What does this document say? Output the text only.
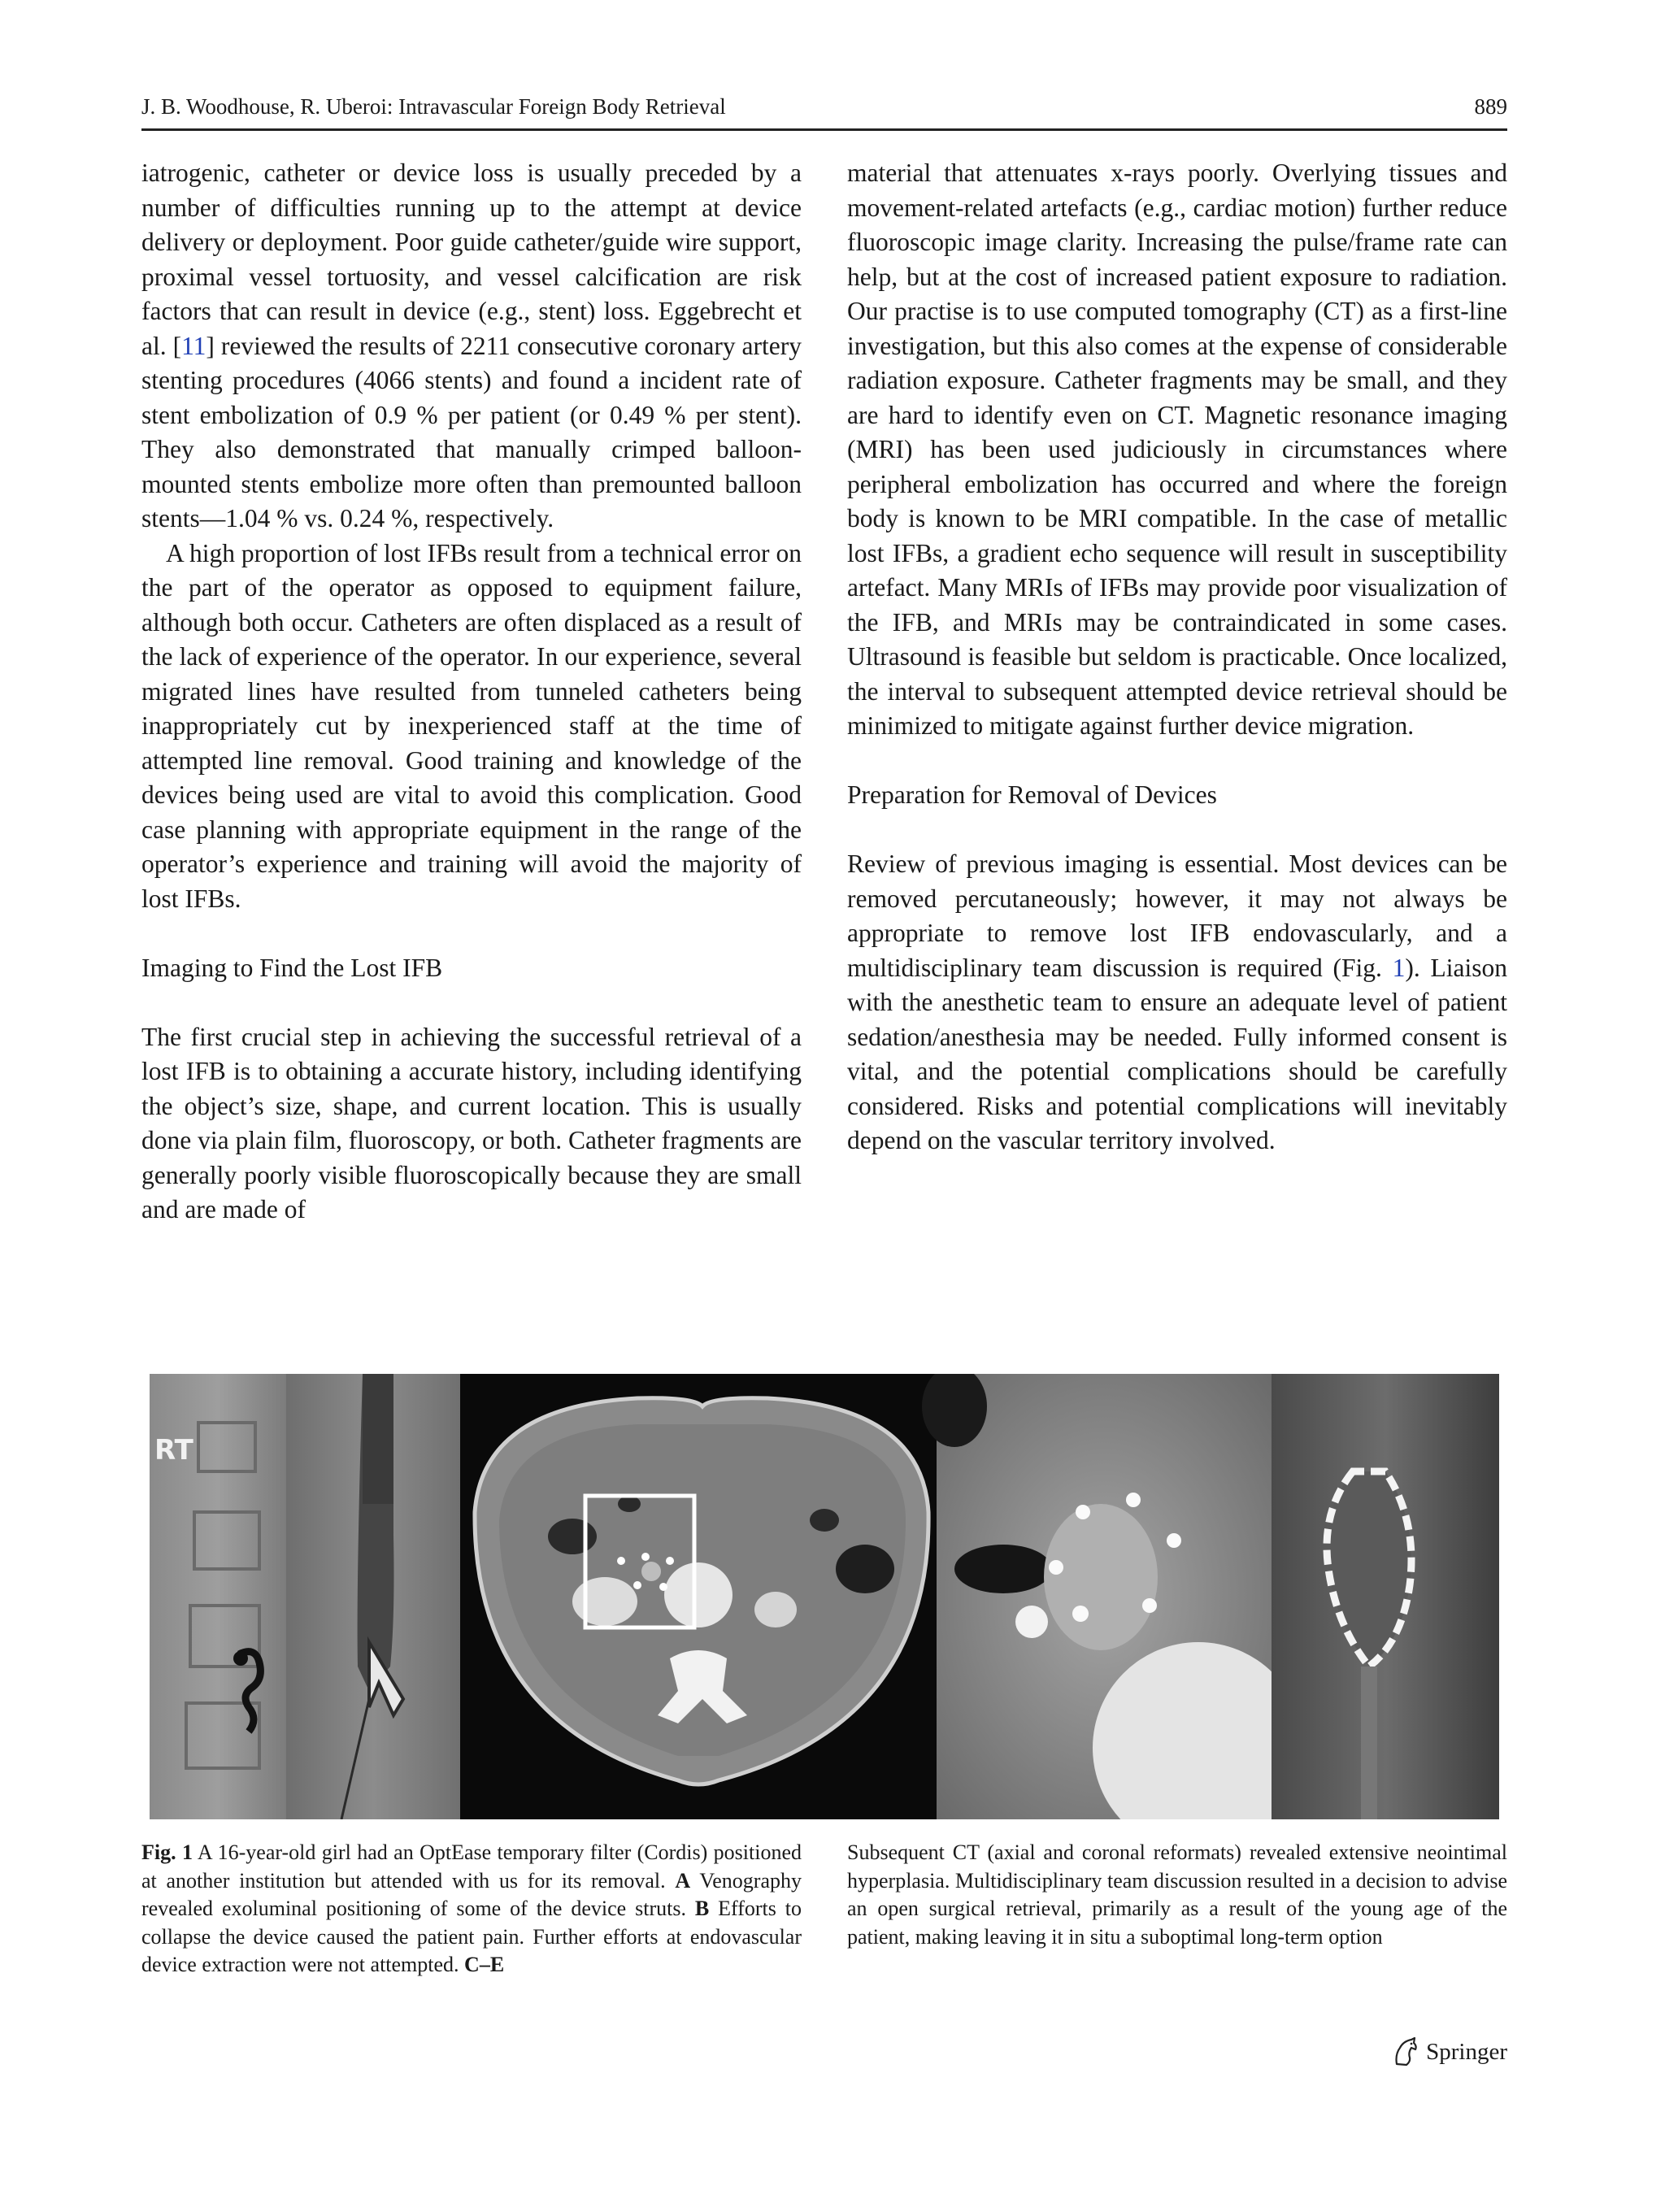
J. B. Woodhouse, R. Uberoi: Intravascular Foreign Body Retrieval	889

iatrogenic, catheter or device loss is usually preceded by a number of difficulties running up to the attempt at device delivery or deployment. Poor guide catheter/guide wire support, proximal vessel tortuosity, and vessel calcification are risk factors that can result in device (e.g., stent) loss. Eggebrecht et al. [11] reviewed the results of 2211 consecutive coronary artery stenting procedures (4066 stents) and found a incident rate of stent embolization of 0.9 % per patient (or 0.49 % per stent). They also demonstrated that manually crimped balloon-mounted stents embolize more often than premounted balloon stents—1.04 % vs. 0.24 %, respectively.

A high proportion of lost IFBs result from a technical error on the part of the operator as opposed to equipment failure, although both occur. Catheters are often displaced as a result of the lack of experience of the operator. In our experience, several migrated lines have resulted from tunneled catheters being inappropriately cut by inexperienced staff at the time of attempted line removal. Good training and knowledge of the devices being used are vital to avoid this complication. Good case planning with appropriate equipment in the range of the operator’s experience and training will avoid the majority of lost IFBs.

Imaging to Find the Lost IFB

The first crucial step in achieving the successful retrieval of a lost IFB is to obtaining a accurate history, including identifying the object’s size, shape, and current location. This is usually done via plain film, fluoroscopy, or both. Catheter fragments are generally poorly visible fluoroscopically because they are small and are made of

material that attenuates x-rays poorly. Overlying tissues and movement-related artefacts (e.g., cardiac motion) further reduce fluoroscopic image clarity. Increasing the pulse/frame rate can help, but at the cost of increased patient exposure to radiation. Our practise is to use computed tomography (CT) as a first-line investigation, but this also comes at the expense of considerable radiation exposure. Catheter fragments may be small, and they are hard to identify even on CT. Magnetic resonance imaging (MRI) has been used judiciously in circumstances where peripheral embolization has occurred and where the foreign body is known to be MRI compatible. In the case of metallic lost IFBs, a gradient echo sequence will result in susceptibility artefact. Many MRIs of IFBs may provide poor visualization of the IFB, and MRIs may be contraindicated in some cases. Ultrasound is feasible but seldom is practicable. Once localized, the interval to subsequent attempted device retrieval should be minimized to mitigate against further device migration.

Preparation for Removal of Devices

Review of previous imaging is essential. Most devices can be removed percutaneously; however, it may not always be appropriate to remove lost IFB endovascularly, and a multidisciplinary team discussion is required (Fig. 1). Liaison with the anesthetic team to ensure an adequate level of patient sedation/anesthesia may be needed. Fully informed consent is vital, and the potential complications should be carefully considered. Risks and potential complications will inevitably depend on the vascular territory involved.

RT
Fig. 1 A 16-year-old girl had an OptEase temporary filter (Cordis) positioned at another institution but attended with us for its removal. A Venography revealed exoluminal positioning of some of the device struts. B Efforts to collapse the device caused the patient pain. Further efforts at endovascular device extraction were not attempted. C–E
Subsequent CT (axial and coronal reformats) revealed extensive neointimal hyperplasia. Multidisciplinary team discussion resulted in a decision to advise an open surgical retrieval, primarily as a result of the young age of the patient, making leaving it in situ a suboptimal long-term option
Springer
